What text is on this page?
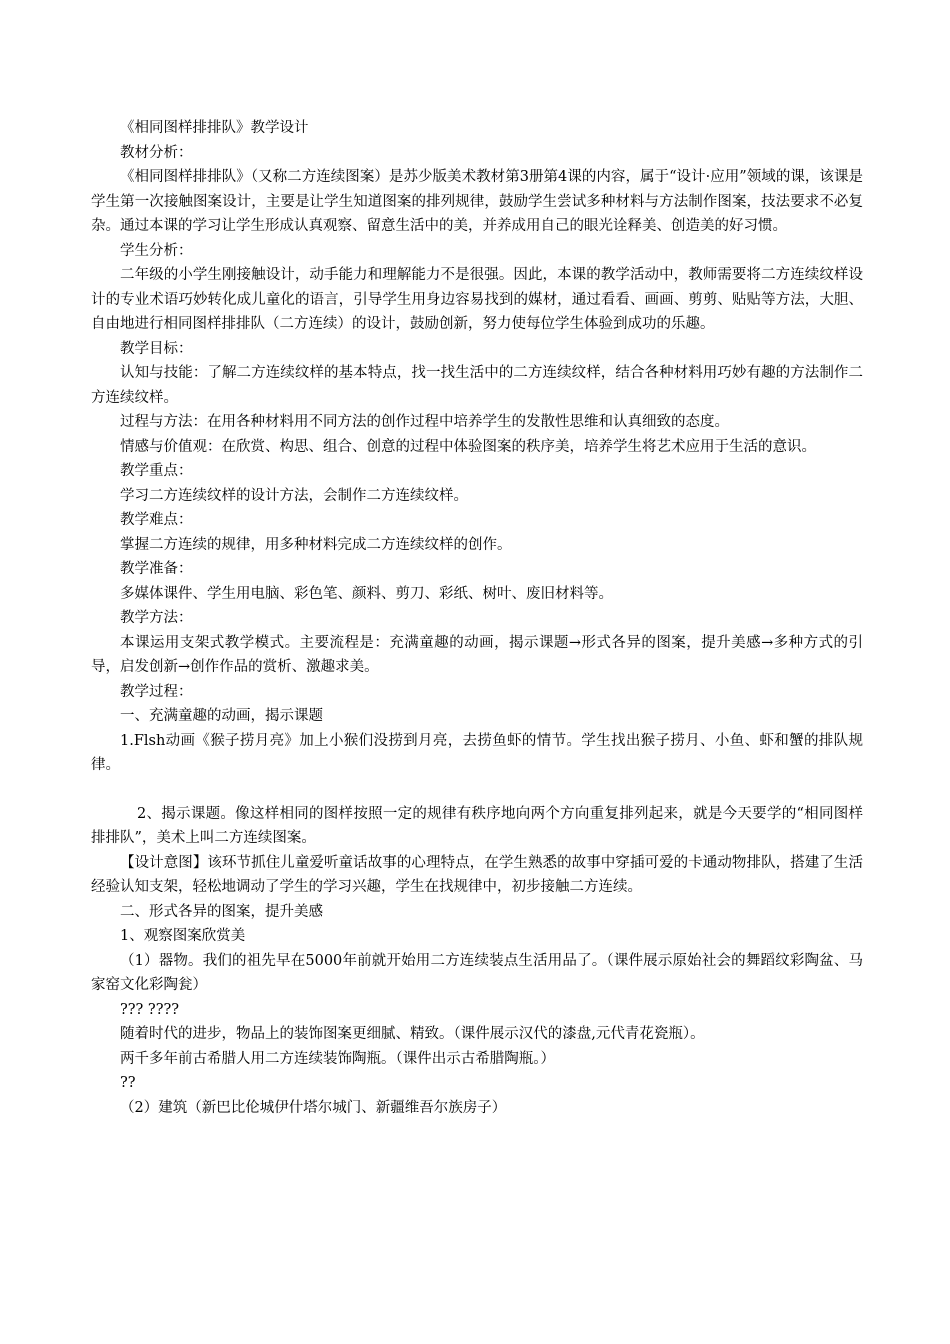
《相同图样排排队》教学设计

教材分析：

《相同图样排排队》（又称二方连续图案）是苏少版美术教材第3册第4课的内容，属于“设计·应用”领域的课，该课是学生第一次接触图案设计，主要是让学生知道图案的排列规律，鼓励学生尝试多种材料与方法制作图案，技法要求不必复杂。通过本课的学习让学生形成认真观察、留意生活中的美，并养成用自己的眼光诠释美、创造美的好习惯。

学生分析：

二年级的小学生刚接触设计，动手能力和理解能力不是很强。因此，本课的教学活动中，教师需要将二方连续纹样设计的专业术语巧妙转化成儿童化的语言，引导学生用身边容易找到的媒材，通过看看、画画、剪剪、贴贴等方法，大胆、自由地进行相同图样排排队（二方连续）的设计，鼓励创新，努力使每位学生体验到成功的乐趣。

教学目标：

认知与技能：了解二方连续纹样的基本特点，找一找生活中的二方连续纹样，结合各种材料用巧妙有趣的方法制作二方连续纹样。

过程与方法：在用各种材料用不同方法的创作过程中培养学生的发散性思维和认真细致的态度。

情感与价值观：在欣赏、构思、组合、创意的过程中体验图案的秩序美，培养学生将艺术应用于生活的意识。

教学重点：

学习二方连续纹样的设计方法，会制作二方连续纹样。

教学难点：

掌握二方连续的规律，用多种材料完成二方连续纹样的创作。

教学准备：

多媒体课件、学生用电脑、彩色笔、颜料、剪刀、彩纸、树叶、废旧材料等。

教学方法：

本课运用支架式教学模式。主要流程是：充满童趣的动画，揭示课题→形式各异的图案，提升美感→多种方式的引导，启发创新→创作作品的赏析、激趣求美。

教学过程：

一、充满童趣的动画，揭示课题

1.Flsh动画《猴子捞月亮》加上小猴们没捞到月亮，去捞鱼虾的情节。学生找出猴子捞月、小鱼、虾和蟹的排队规律。

2、揭示课题。像这样相同的图样按照一定的规律有秩序地向两个方向重复排列起来，就是今天要学的“相同图样排排队”，美术上叫二方连续图案。

【设计意图】该环节抓住儿童爱听童话故事的心理特点，在学生熟悉的故事中穿插可爱的卡通动物排队，搭建了生活经验认知支架，轻松地调动了学生的学习兴趣，学生在找规律中，初步接触二方连续。

二、形式各异的图案，提升美感

1、观察图案欣赏美

（1）器物。我们的祖先早在5000年前就开始用二方连续装点生活用品了。（课件展示原始社会的舞蹈纹彩陶盆、马家窑文化彩陶瓮）

??? ????

随着时代的进步，物品上的装饰图案更细腻、精致。（课件展示汉代的漆盘,元代青花瓷瓶）。

两千多年前古希腊人用二方连续装饰陶瓶。（课件出示古希腊陶瓶。）

??

（2）建筑（新巴比伦城伊什塔尔城门、新疆维吾尔族房子）
